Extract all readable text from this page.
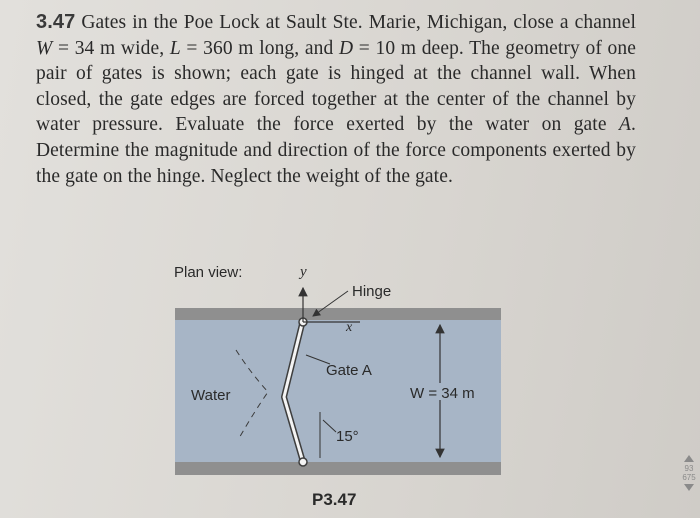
3.47 Gates in the Poe Lock at Sault Ste. Marie, Michigan, close a channel W = 34 m wide, L = 360 m long, and D = 10 m deep. The geometry of one pair of gates is shown; each gate is hinged at the channel wall. When closed, the gate edges are forced together at the center of the channel by water pressure. Evaluate the force exerted by the water on gate A. Determine the magnitude and direction of the force components exerted by the gate on the hinge. Neglect the weight of the gate.
Plan view:	y
x
Hinge
Gate A
Water	W = 34 m
15°
P3.47
93
675
